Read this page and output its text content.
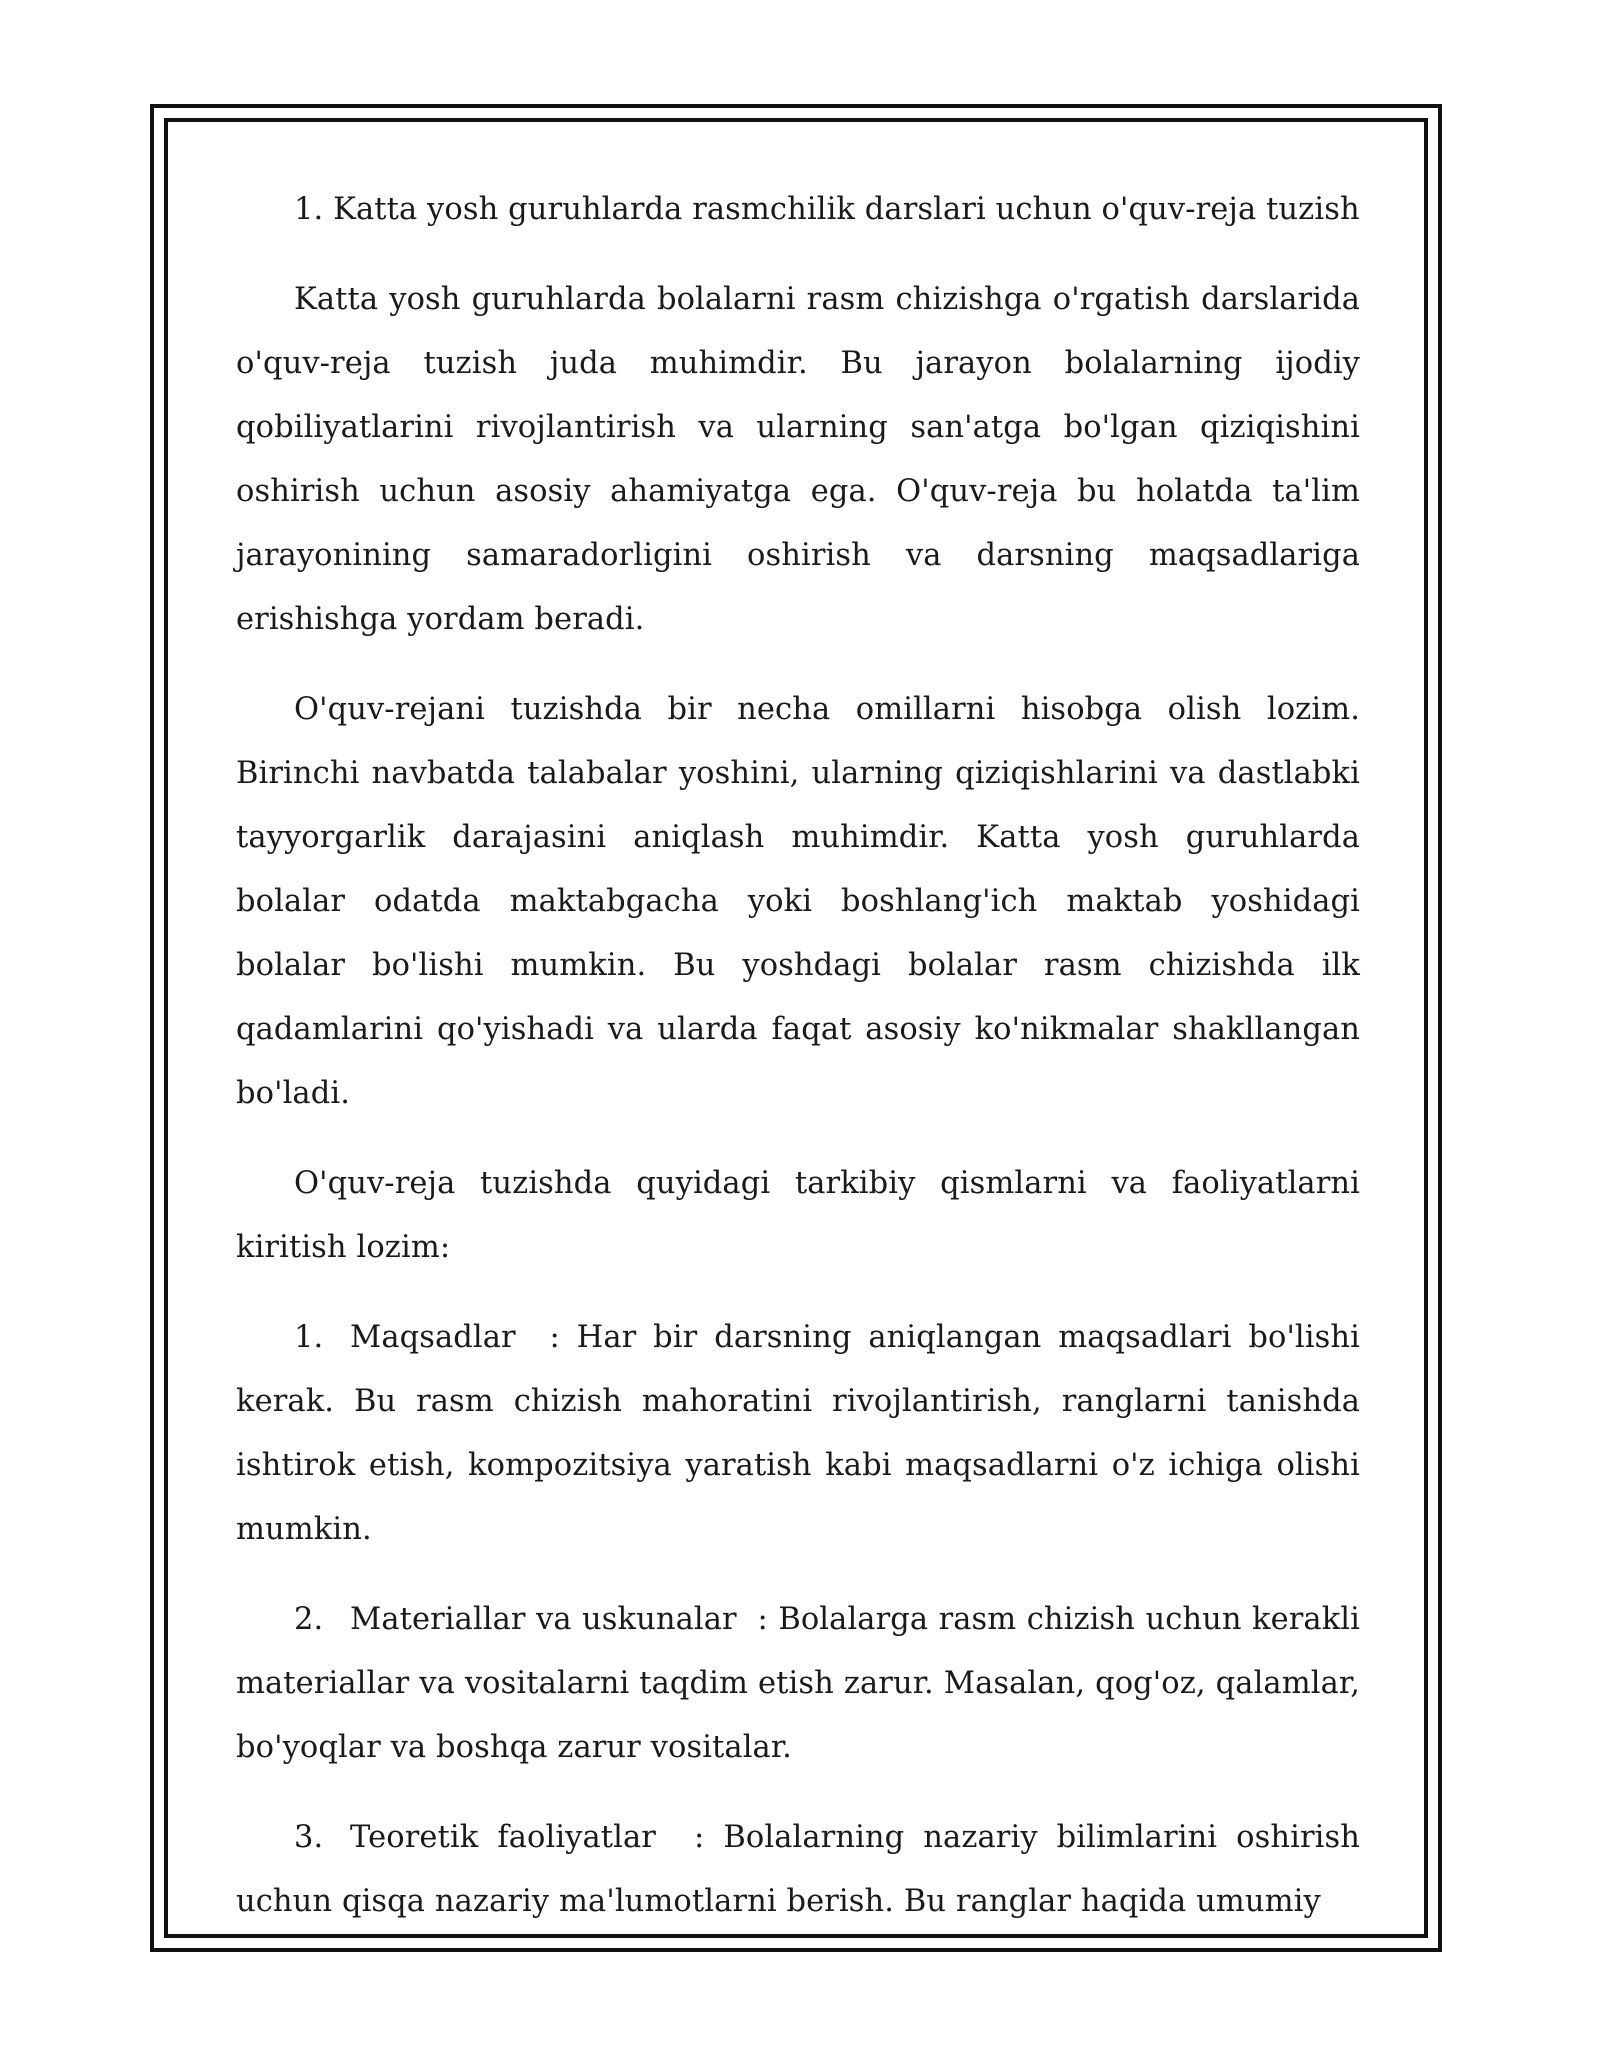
1. Katta yosh guruhlarda rasmchilik darslari uchun o'quv-reja tuzish

Katta yosh guruhlarda bolalarni rasm chizishga o'rgatish darslarida o'quv-reja tuzish juda muhimdir. Bu jarayon bolalarning ijodiy qobiliyatlarini rivojlantirish va ularning san'atga bo'lgan qiziqishini oshirish uchun asosiy ahamiyatga ega. O'quv-reja bu holatda ta'lim jarayonining samaradorligini oshirish va darsning maqsadlariga erishishga yordam beradi.

O'quv-rejani tuzishda bir necha omillarni hisobga olish lozim. Birinchi navbatda talabalar yoshini, ularning qiziqishlarini va dastlabki tayyorgarlik darajasini aniqlash muhimdir. Katta yosh guruhlarda bolalar odatda maktabgacha yoki boshlang'ich maktab yoshidagi bolalar bo'lishi mumkin. Bu yoshdagi bolalar rasm chizishda ilk qadamlarini qo'yishadi va ularda faqat asosiy ko'nikmalar shakllangan bo'ladi.

O'quv-reja tuzishda quyidagi tarkibiy qismlarni va faoliyatlarni kiritish lozim:

1. Maqsadlar : Har bir darsning aniqlangan maqsadlari bo'lishi kerak. Bu rasm chizish mahoratini rivojlantirish, ranglarni tanishda ishtirok etish, kompozitsiya yaratish kabi maqsadlarni o'z ichiga olishi mumkin.

2. Materiallar va uskunalar : Bolalarga rasm chizish uchun kerakli materiallar va vositalarni taqdim etish zarur. Masalan, qog'oz, qalamlar, bo'yoqlar va boshqa zarur vositalar.

3. Teoretik faoliyatlar : Bolalarning nazariy bilimlarini oshirish uchun qisqa nazariy ma'lumotlarni berish. Bu ranglar haqida umumiy
